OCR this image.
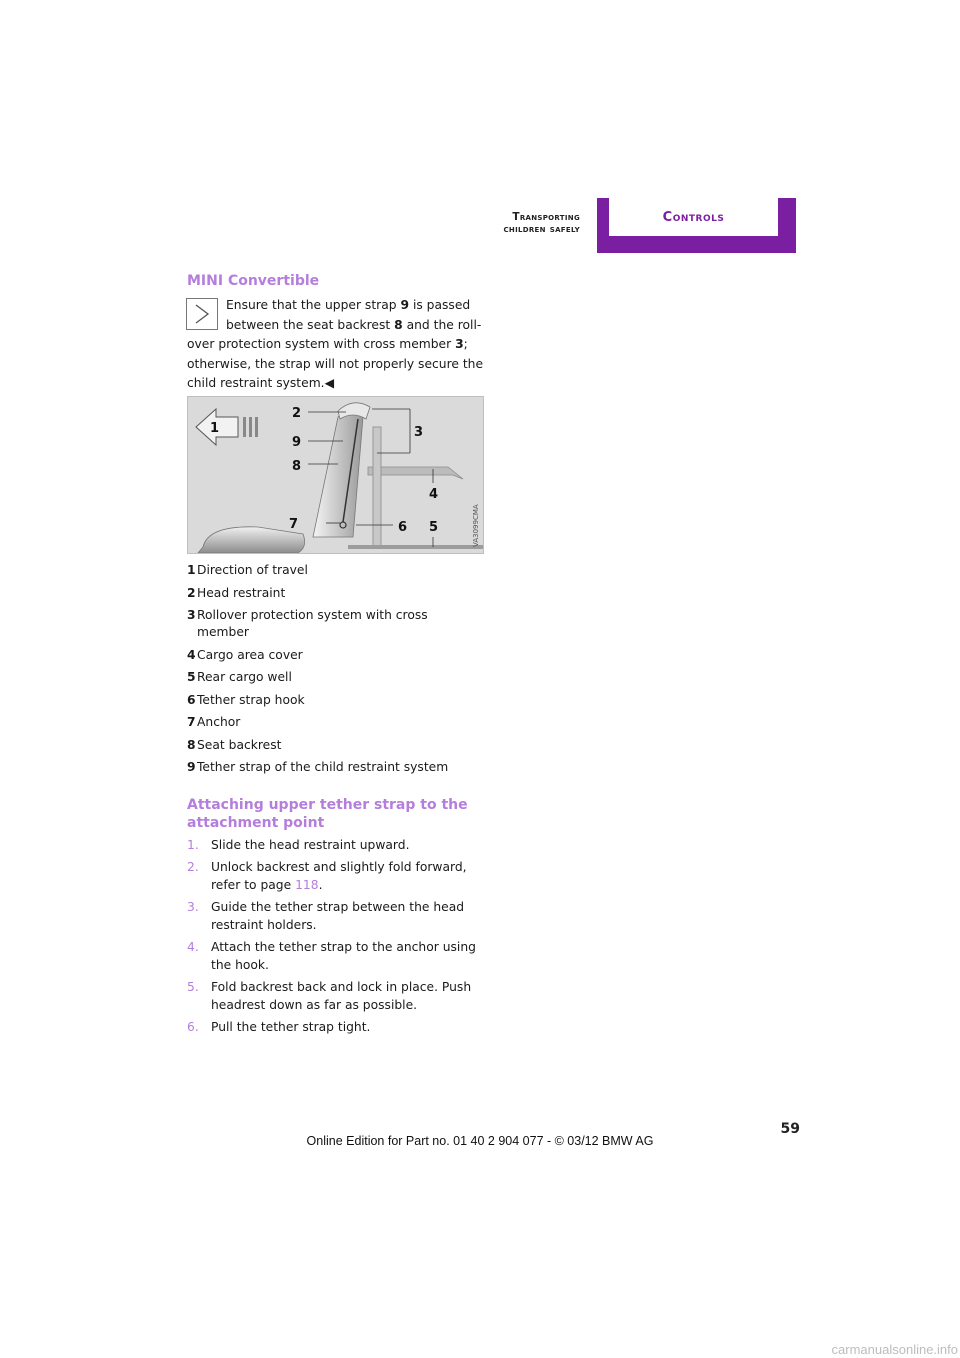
Transporting children safely
Controls
MINI Convertible
Ensure that the upper strap 9 is passed
between the seat backrest 8 and the roll-
over protection system with cross member 3;
otherwise, the strap will not properly secure the
child restraint system.◀
1
2
3
4
5
6
7
8
9
VA3099CMA
1 Direction of travel
2 Head restraint
3 Rollover protection system with cross member
4 Cargo area cover
5 Rear cargo well
6 Tether strap hook
7 Anchor
8 Seat backrest
9 Tether strap of the child restraint system
Attaching upper tether strap to the attachment point
1. Slide the head restraint upward.
2. Unlock backrest and slightly fold forward, refer to page 118.
3. Guide the tether strap between the head restraint holders.
4. Attach the tether strap to the anchor using the hook.
5. Fold backrest back and lock in place. Push headrest down as far as possible.
6. Pull the tether strap tight.
59
Online Edition for Part no. 01 40 2 904 077 - © 03/12 BMW AG
carmanualsonline.info
